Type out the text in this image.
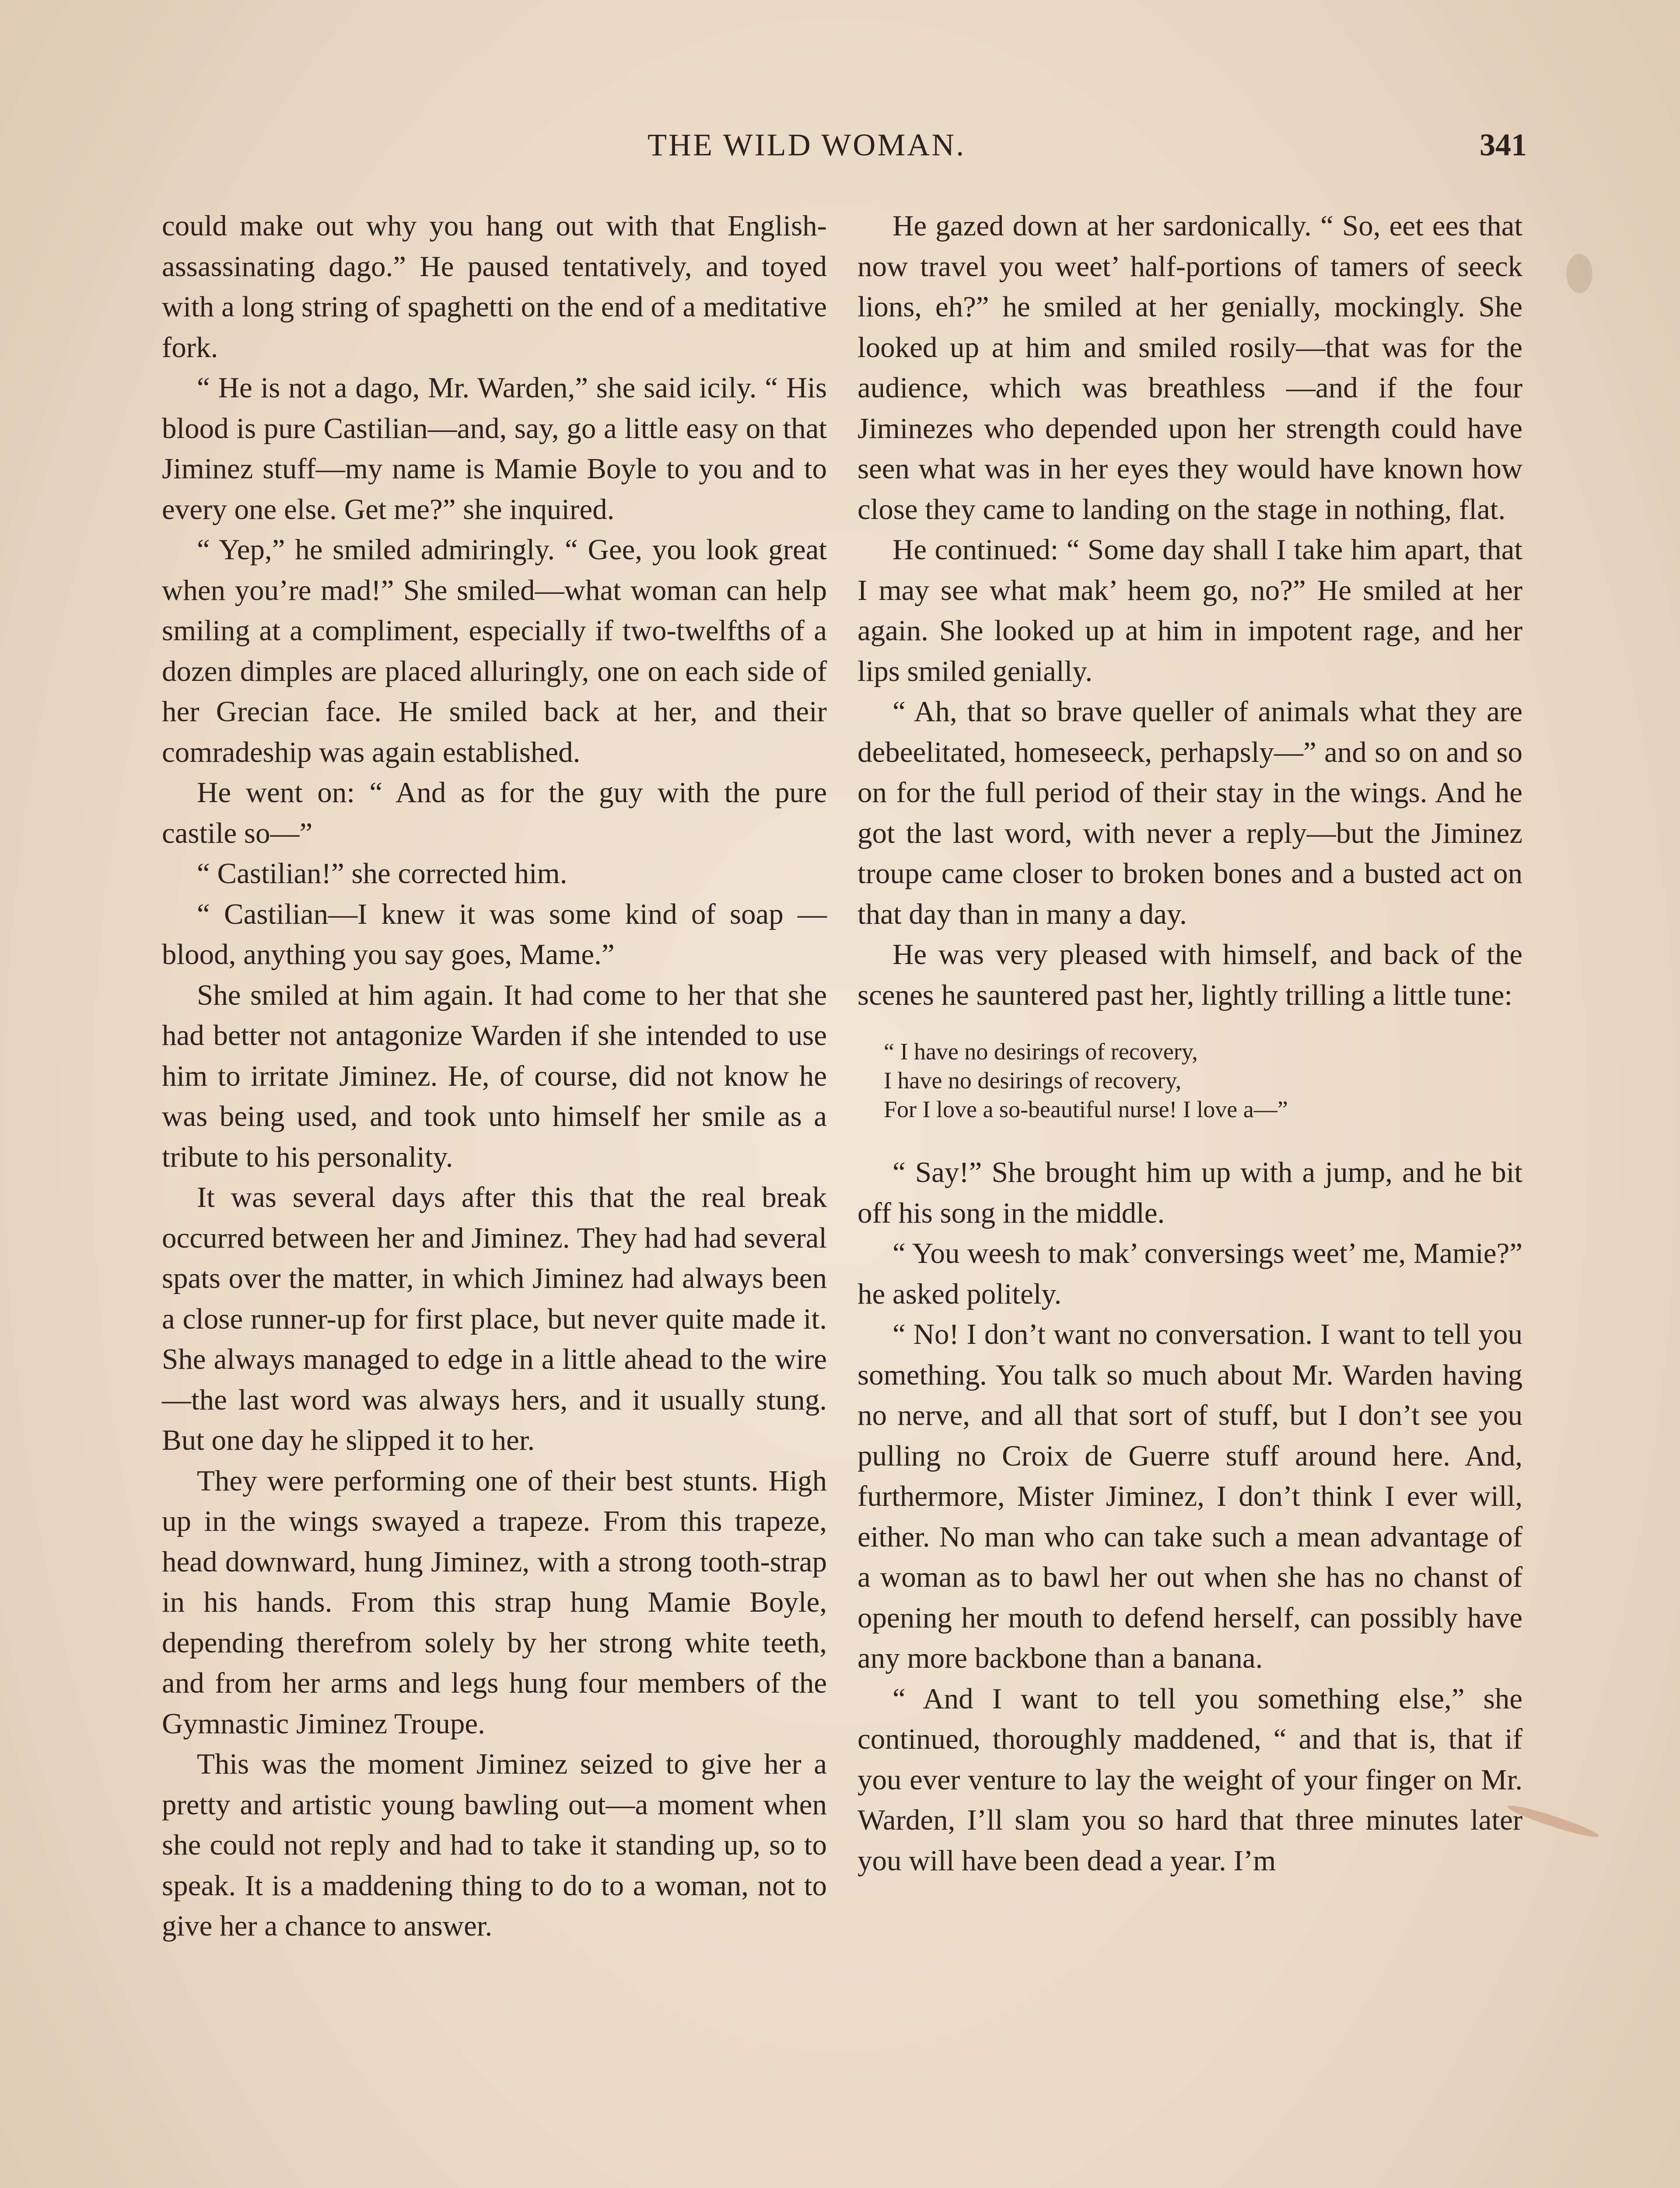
THE WILD WOMAN.	341

could make out why you hang out with that English-assassinating dago.” He paused tentatively, and toyed with a long string of spaghetti on the end of a meditative fork.

“ He is not a dago, Mr. Warden,” she said icily. “ His blood is pure Castilian—and, say, go a little easy on that Jiminez stuff—my name is Mamie Boyle to you and to every one else. Get me?” she inquired.

“ Yep,” he smiled admiringly. “ Gee, you look great when you’re mad!” She smiled—what woman can help smiling at a compliment, especially if two-twelfths of a dozen dimples are placed alluringly, one on each side of her Grecian face. He smiled back at her, and their comradeship was again established.

He went on: “ And as for the guy with the pure castile so—”

“ Castilian!” she corrected him.

“ Castilian—I knew it was some kind of soap — blood, anything you say goes, Mame.”

She smiled at him again. It had come to her that she had better not antagonize Warden if she intended to use him to irritate Jiminez. He, of course, did not know he was being used, and took unto himself her smile as a tribute to his personality.

It was several days after this that the real break occurred between her and Jiminez. They had had several spats over the matter, in which Jiminez had always been a close runner-up for first place, but never quite made it. She always managed to edge in a little ahead to the wire—the last word was always hers, and it usually stung. But one day he slipped it to her.

They were performing one of their best stunts. High up in the wings swayed a trapeze. From this trapeze, head downward, hung Jiminez, with a strong tooth-strap in his hands. From this strap hung Mamie Boyle, depending therefrom solely by her strong white teeth, and from her arms and legs hung four members of the Gymnastic Jiminez Troupe.

This was the moment Jiminez seized to give her a pretty and artistic young bawling out—a moment when she could not reply and had to take it standing up, so to speak. It is a maddening thing to do to a woman, not to give her a chance to answer.

He gazed down at her sardonically. “ So, eet ees that now travel you weet’ half-portions of tamers of seeck lions, eh?” he smiled at her genially, mockingly. She looked up at him and smiled rosily—that was for the audience, which was breathless —and if the four Jiminezes who depended upon her strength could have seen what was in her eyes they would have known how close they came to landing on the stage in nothing, flat.

He continued: “ Some day shall I take him apart, that I may see what mak’ heem go, no?” He smiled at her again. She looked up at him in impotent rage, and her lips smiled genially.

“ Ah, that so brave queller of animals what they are debeelitated, homeseeck, perhapsly—” and so on and so on for the full period of their stay in the wings. And he got the last word, with never a reply—but the Jiminez troupe came closer to broken bones and a busted act on that day than in many a day.

He was very pleased with himself, and back of the scenes he sauntered past her, lightly trilling a little tune:

“ I have no desirings of recovery,
I have no desirings of recovery,
For I love a so-beautiful nurse! I love a—”

“ Say!” She brought him up with a jump, and he bit off his song in the middle.

“ You weesh to mak’ conversings weet’ me, Mamie?” he asked politely.

“ No! I don’t want no conversation. I want to tell you something. You talk so much about Mr. Warden having no nerve, and all that sort of stuff, but I don’t see you pulling no Croix de Guerre stuff around here. And, furthermore, Mister Jiminez, I don’t think I ever will, either. No man who can take such a mean advantage of a woman as to bawl her out when she has no chanst of opening her mouth to defend herself, can possibly have any more backbone than a banana.

“ And I want to tell you something else,” she continued, thoroughly maddened, “ and that is, that if you ever venture to lay the weight of your finger on Mr. Warden, I’ll slam you so hard that three minutes later you will have been dead a year. I’m
